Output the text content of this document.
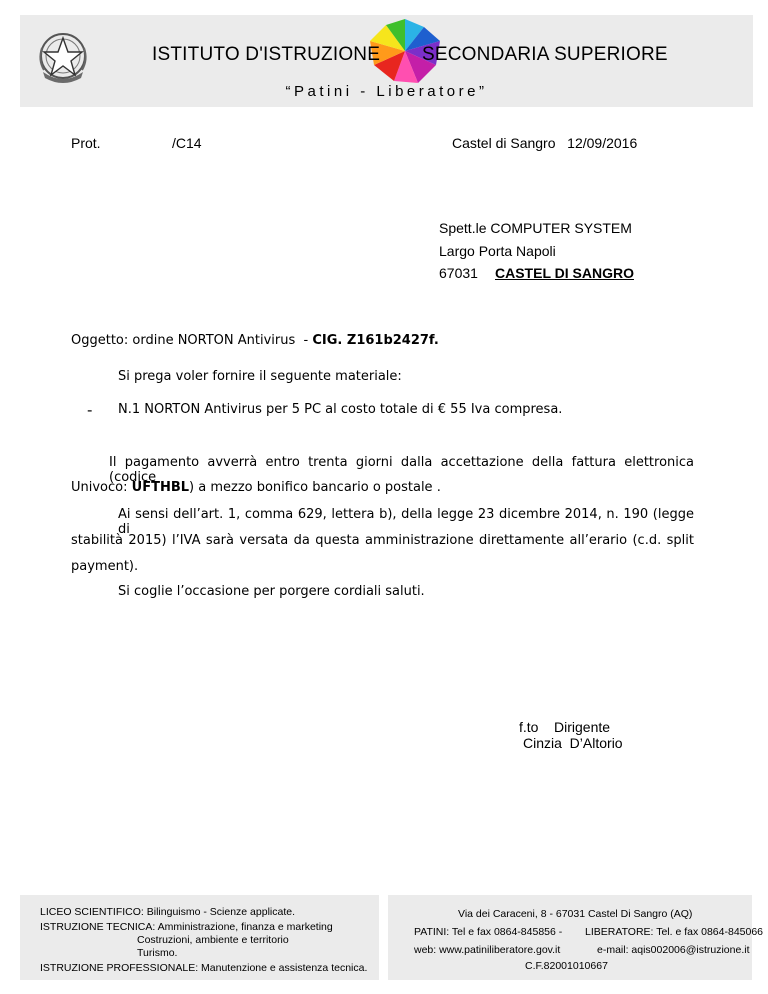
ISTITUTO D'ISTRUZIONE SECONDARIA SUPERIORE
“Patini - Liberatore”
Prot.	/C14	Castel di Sangro   12/09/2016
Spett.le COMPUTER SYSTEM
Largo Porta Napoli
67031 CASTEL DI SANGRO
Oggetto: ordine NORTON Antivirus  - CIG. Z161b2427f.
Si prega voler fornire il seguente materiale:
- N.1 NORTON Antivirus per 5 PC al costo totale di € 55 Iva compresa.
Il pagamento avverrà entro trenta giorni dalla accettazione della fattura elettronica (codice
Univoco: UFTHBL) a mezzo bonifico bancario o postale .
Ai sensi dell’art. 1, comma 629, lettera b), della legge 23 dicembre 2014, n. 190 (legge di
stabilità 2015) l’IVA sarà versata da questa amministrazione direttamente all’erario (c.d. split
payment).
Si coglie l’occasione per porgere cordiali saluti.
f.to    Dirigente
Cinzia  D’Altorio
LICEO SCIENTIFICO: Bilinguismo - Scienze applicate.
ISTRUZIONE TECNICA: Amministrazione, finanza e marketing
Costruzioni, ambiente e territorio
Turismo.
ISTRUZIONE PROFESSIONALE: Manutenzione e assistenza tecnica.
Via dei Caraceni, 8 - 67031 Castel Di Sangro (AQ)
PATINI: Tel e fax 0864-845856 - LIBERATORE: Tel. e fax 0864-845066
web: www.patiniliberatore.gov.it	e-mail: aqis002006@istruzione.it
C.F.82001010667
